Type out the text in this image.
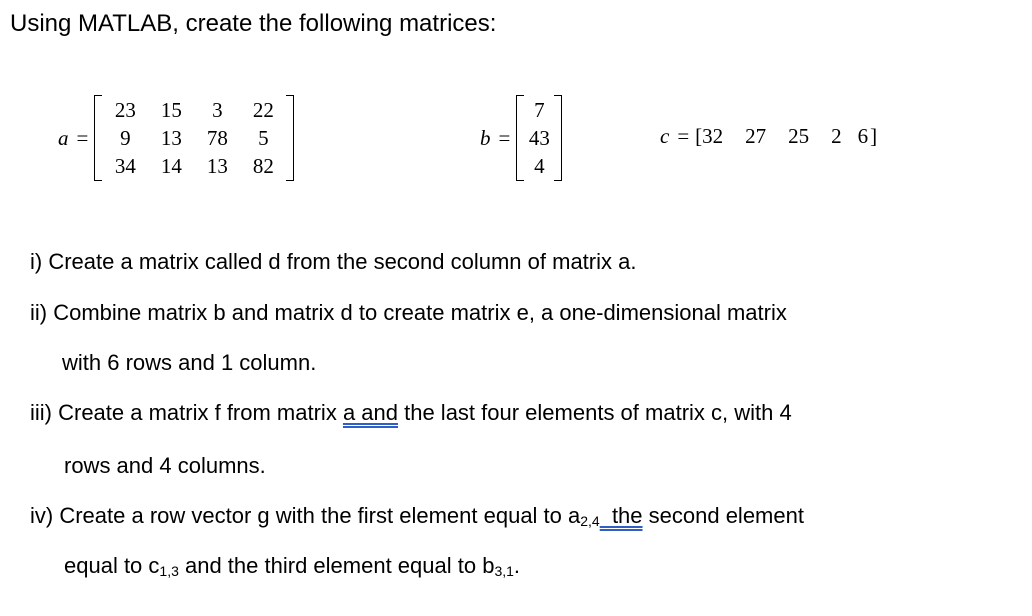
Using MATLAB, create the following matrices:
a =
23 15 3 22
9 13 78 5
34 14 13 82
b =
7
43
4
c = [ 32 27 25 2 6 ]
i) Create a matrix called d from the second column of matrix a.
ii) Combine matrix b and matrix d to create matrix e, a one-dimensional matrix
with 6 rows and 1 column.
iii) Create a matrix f from matrix a and the last four elements of matrix c, with 4
rows and 4 columns.
iv) Create a row vector g with the first element equal to $a_{2,4}$  the second element
equal to $c_{1,3}$ and the third element equal to $b_{3,1}$.
